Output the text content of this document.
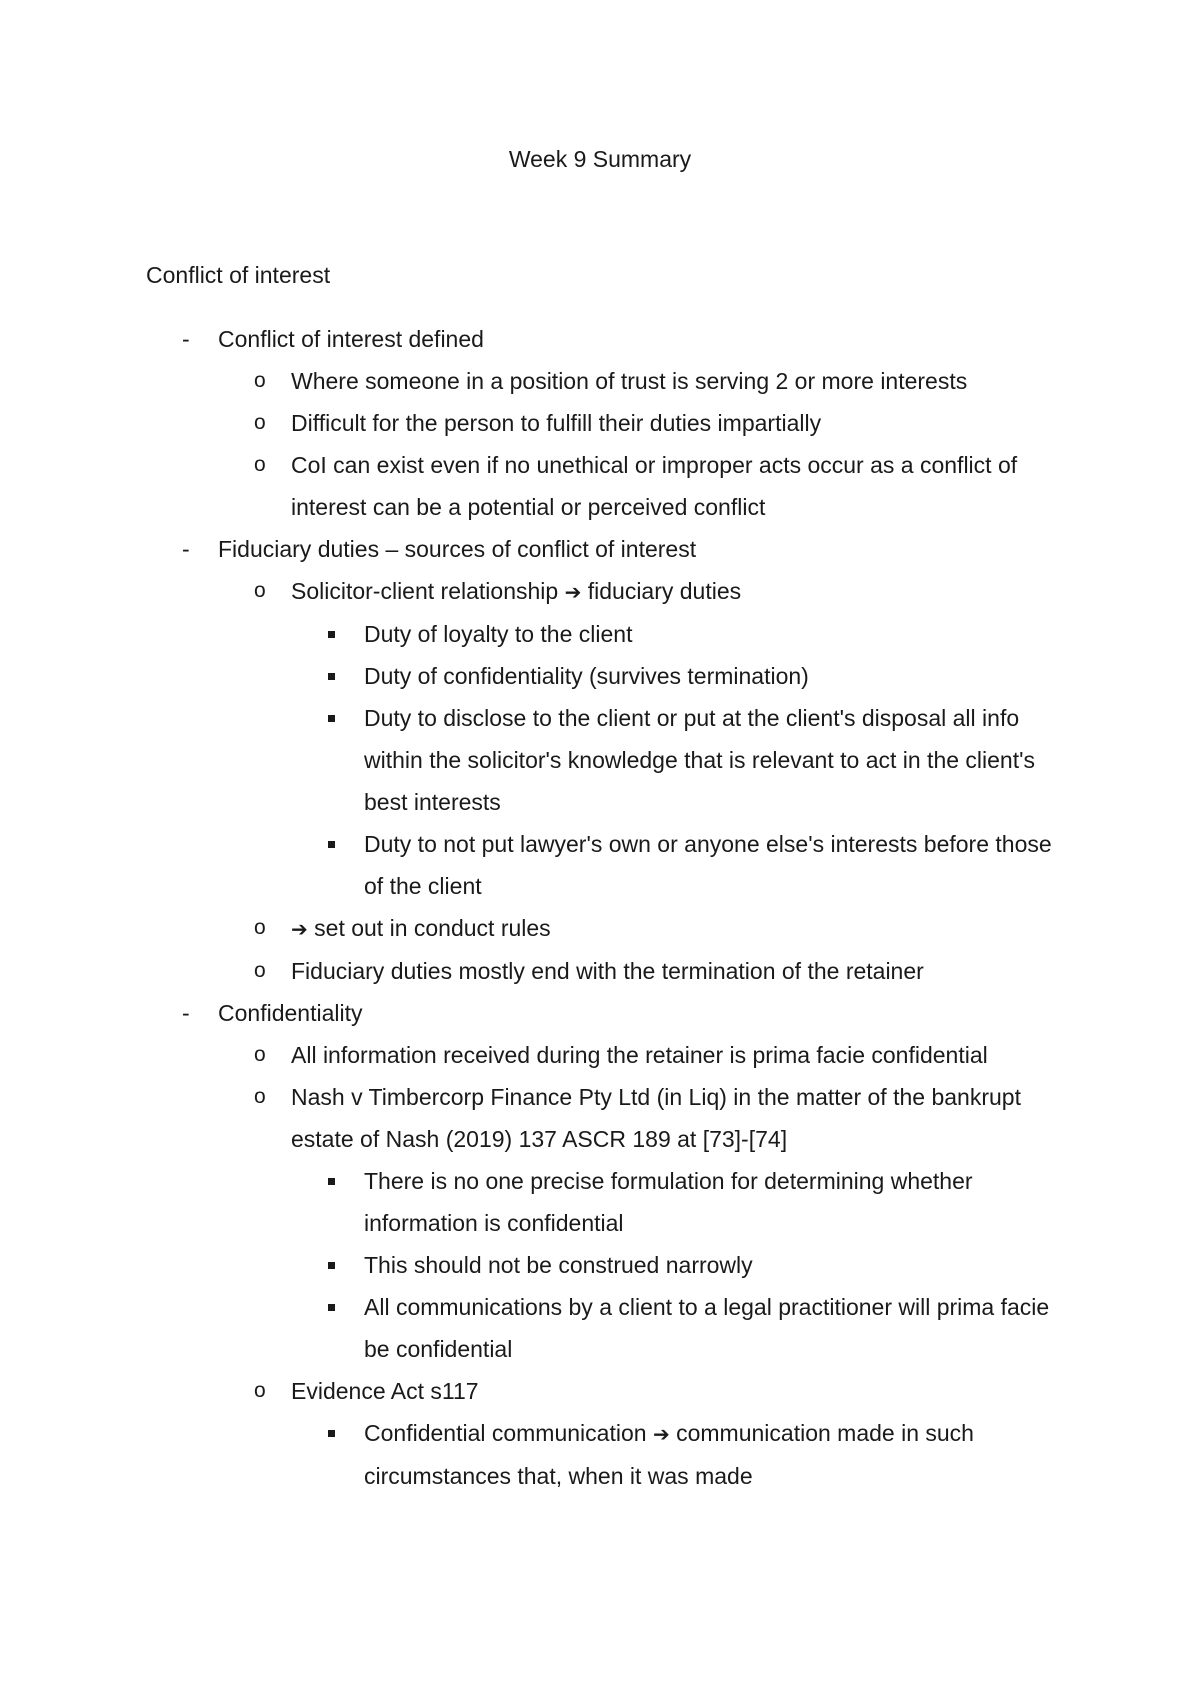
Week 9 Summary
Conflict of interest
- Conflict of interest defined
o Where someone in a position of trust is serving 2 or more interests
o Difficult for the person to fulfill their duties impartially
o CoI can exist even if no unethical or improper acts occur as a conflict of interest can be a potential or perceived conflict
- Fiduciary duties – sources of conflict of interest
o Solicitor-client relationship ➔ fiduciary duties
Duty of loyalty to the client
Duty of confidentiality (survives termination)
Duty to disclose to the client or put at the client's disposal all info within the solicitor's knowledge that is relevant to act in the client's best interests
Duty to not put lawyer's own or anyone else's interests before those of the client
o ➔ set out in conduct rules
o Fiduciary duties mostly end with the termination of the retainer
- Confidentiality
o All information received during the retainer is prima facie confidential
o Nash v Timbercorp Finance Pty Ltd (in Liq) in the matter of the bankrupt estate of Nash (2019) 137 ASCR 189 at [73]-[74]
There is no one precise formulation for determining whether information is confidential
This should not be construed narrowly
All communications by a client to a legal practitioner will prima facie be confidential
o Evidence Act s117
Confidential communication ➔ communication made in such circumstances that, when it was made
